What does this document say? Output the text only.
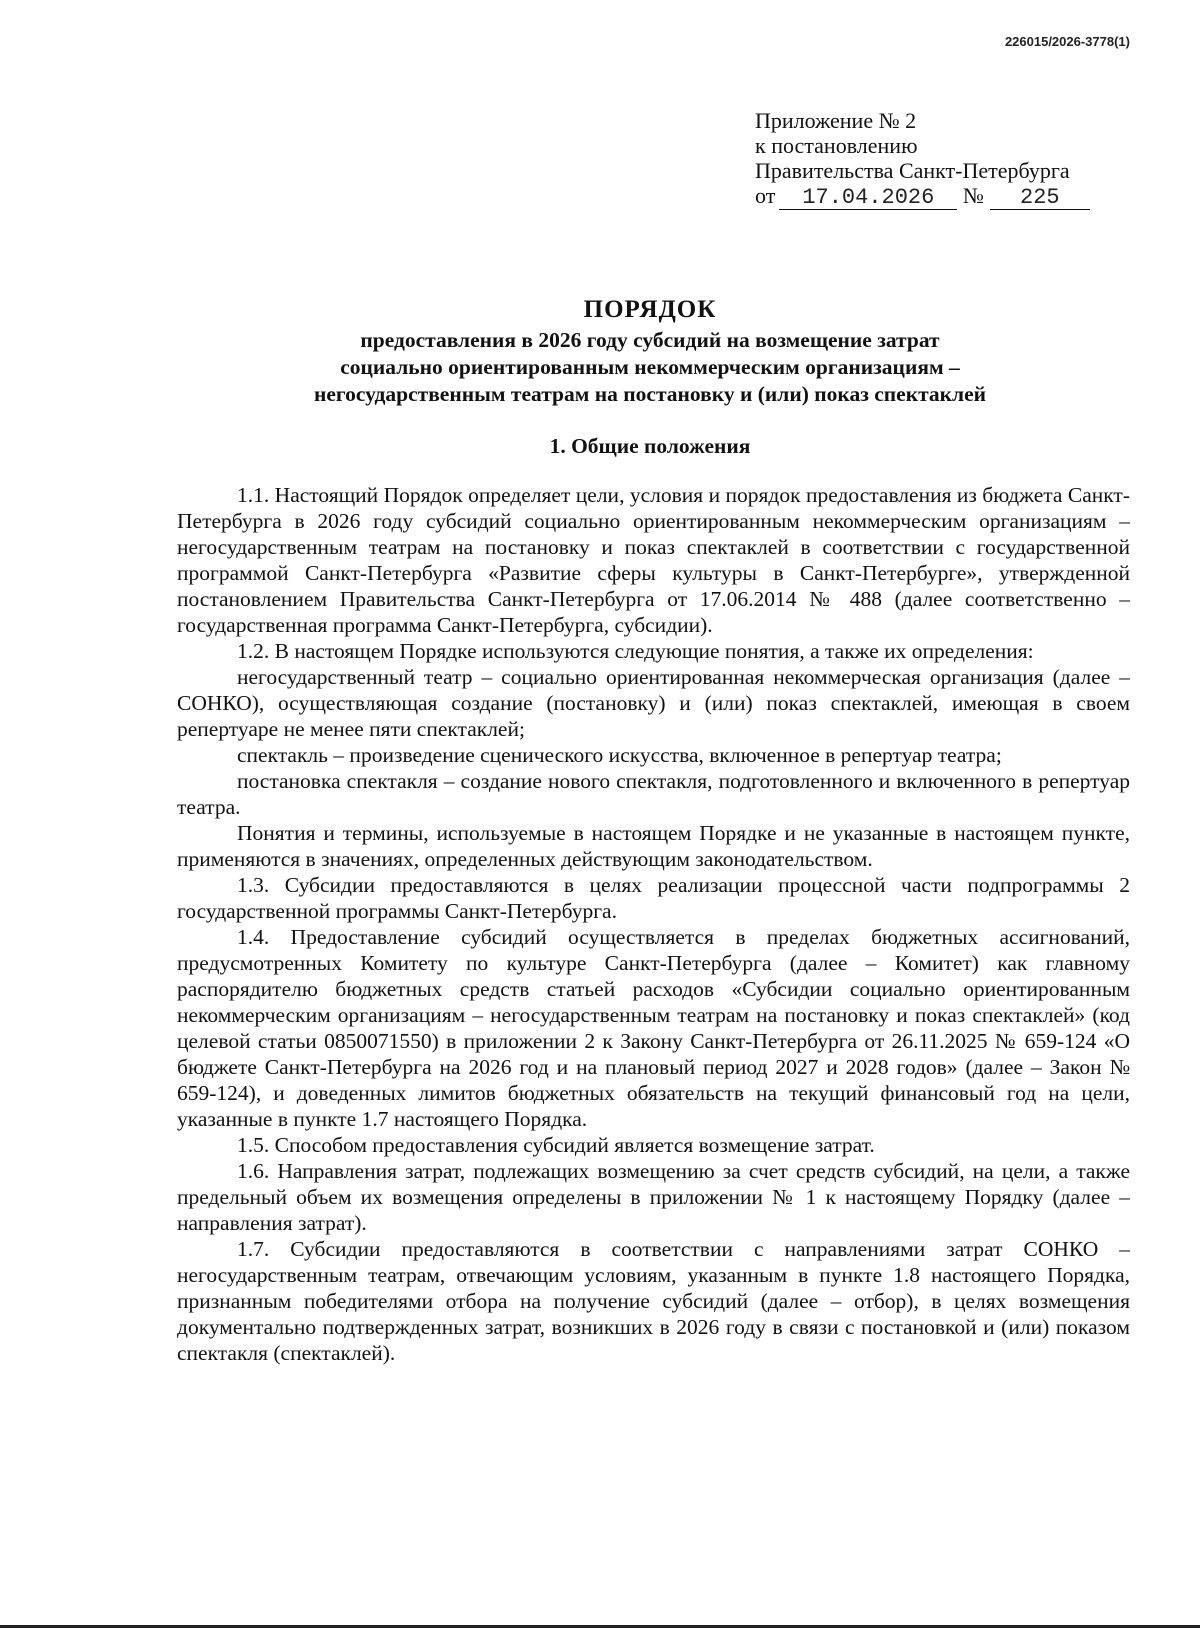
226015/2026-3778(1)
Приложение № 2
к постановлению
Правительства Санкт-Петербурга
от 17.04.2026 № 225
ПОРЯДОК
предоставления в 2026 году субсидий на возмещение затрат
социально ориентированным некоммерческим организациям –
негосударственным театрам на постановку и (или) показ спектаклей
1. Общие положения

1.1. Настоящий Порядок определяет цели, условия и порядок предоставления из бюджета Санкт-Петербурга в 2026 году субсидий социально ориентированным некоммерческим организациям – негосударственным театрам на постановку и показ спектаклей в соответствии с государственной программой Санкт-Петербурга «Развитие сферы культуры в Санкт-Петербурге», утвержденной постановлением Правительства Санкт-Петербурга от 17.06.2014 № 488 (далее соответственно – государственная программа Санкт-Петербурга, субсидии).

1.2. В настоящем Порядке используются следующие понятия, а также их определения:

негосударственный театр – социально ориентированная некоммерческая организация (далее – СОНКО), осуществляющая создание (постановку) и (или) показ спектаклей, имеющая в своем репертуаре не менее пяти спектаклей;

спектакль – произведение сценического искусства, включенное в репертуар театра;

постановка спектакля – создание нового спектакля, подготовленного и включенного в репертуар театра.

Понятия и термины, используемые в настоящем Порядке и не указанные в настоящем пункте, применяются в значениях, определенных действующим законодательством.

1.3. Субсидии предоставляются в целях реализации процессной части подпрограммы 2 государственной программы Санкт-Петербурга.

1.4. Предоставление субсидий осуществляется в пределах бюджетных ассигнований, предусмотренных Комитету по культуре Санкт-Петербурга (далее – Комитет) как главному распорядителю бюджетных средств статьей расходов «Субсидии социально ориентированным некоммерческим организациям – негосударственным театрам на постановку и показ спектаклей» (код целевой статьи 0850071550) в приложении 2 к Закону Санкт-Петербурга от 26.11.2025 № 659-124 «О бюджете Санкт-Петербурга на 2026 год и на плановый период 2027 и 2028 годов» (далее – Закон № 659-124), и доведенных лимитов бюджетных обязательств на текущий финансовый год на цели, указанные в пункте 1.7 настоящего Порядка.

1.5. Способом предоставления субсидий является возмещение затрат.

1.6. Направления затрат, подлежащих возмещению за счет средств субсидий, на цели, а также предельный объем их возмещения определены в приложении № 1 к настоящему Порядку (далее – направления затрат).

1.7. Субсидии предоставляются в соответствии с направлениями затрат СОНКО – негосударственным театрам, отвечающим условиям, указанным в пункте 1.8 настоящего Порядка, признанным победителями отбора на получение субсидий (далее – отбор), в целях возмещения документально подтвержденных затрат, возникших в 2026 году в связи с постановкой и (или) показом спектакля (спектаклей).
